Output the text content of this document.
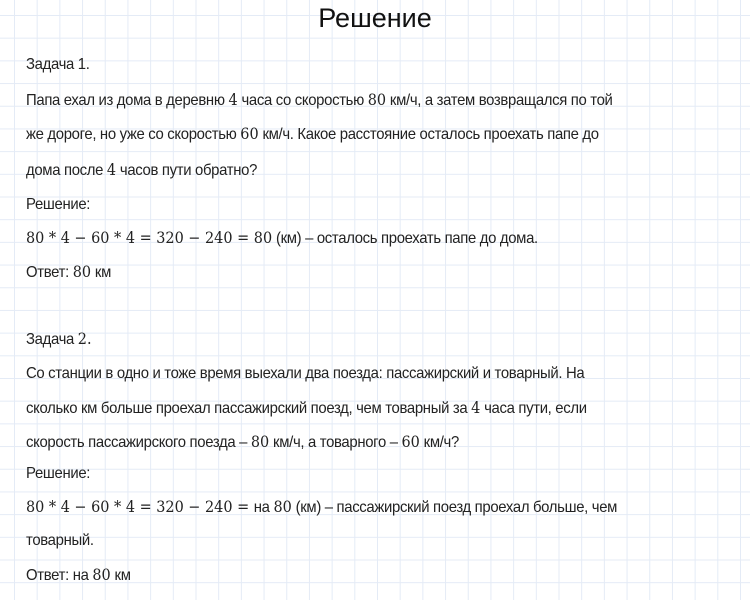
Решение
Задача 1.
Папа ехал из дома в деревню 4 часа со скоростью 80 км/ч, а затем возвращался по той
же дороге, но уже со скоростью 60 км/ч. Какое расстояние осталось проехать папе до
дома после 4 часов пути обратно?
Решение:
80 * 4 − 60 * 4 = 320 − 240 = 80 (км) – осталось проехать папе до дома.
Ответ: 80 км
Задача 2.
Со станции в одно и тоже время выехали два поезда: пассажирский и товарный. На
сколько км больше проехал пассажирский поезд, чем товарный за 4 часа пути, если
скорость пассажирского поезда – 80 км/ч, а товарного – 60 км/ч?
Решение:
80 * 4 − 60 * 4 = 320 − 240 = на 80 (км) – пассажирский поезд проехал больше, чем
товарный.
Ответ: на 80 км
